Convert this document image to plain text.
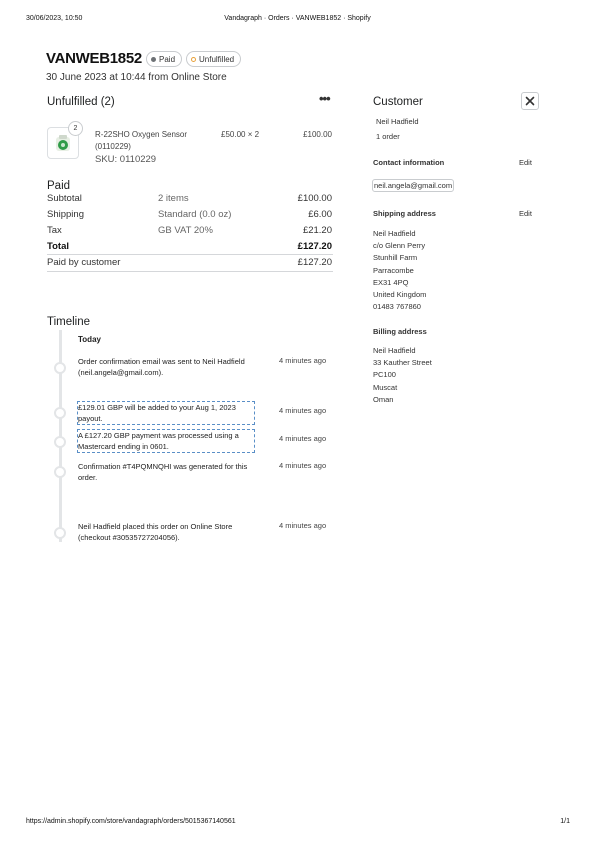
30/06/2023, 10:50	Vandagraph · Orders · VANWEB1852 · Shopify
VANWEB1852 Paid	Unfulfilled
30 June 2023 at 10:44 from Online Store
Unfulfilled (2)	•••
2
R-22SHO Oxygen Sensor
(0110229)
SKU: 0110229
£50.00 × 2	£100.00
Paid
Subtotal	2 items	£100.00
Shipping	Standard (0.0 oz)	£6.00
Tax	GB VAT 20%	£21.20
Total	£127.20
Paid by customer	£127.20
Timeline
Today
Order confirmation email was sent to Neil Hadfield (neil.angela@gmail.com).
4 minutes ago
£129.01 GBP will be added to your Aug 1, 2023 payout.
4 minutes ago
A £127.20 GBP payment was processed using a Mastercard ending in 0601.
4 minutes ago
Confirmation #T4PQMNQHI was generated for this order.
4 minutes ago
Neil Hadfield placed this order on Online Store (checkout #30535727204056).
4 minutes ago
Customer
Neil Hadfield
1 order
Contact information	Edit
neil.angela@gmail.com
Shipping address	Edit
Neil Hadfield
c/o Glenn Perry
Stunhill Farm
Parracombe
EX31 4PQ
United Kingdom
01483 767860
Billing address
Neil Hadfield
33 Kauther Street
PC100
Muscat
Oman
https://admin.shopify.com/store/vandagraph/orders/5015367140561	1/1
